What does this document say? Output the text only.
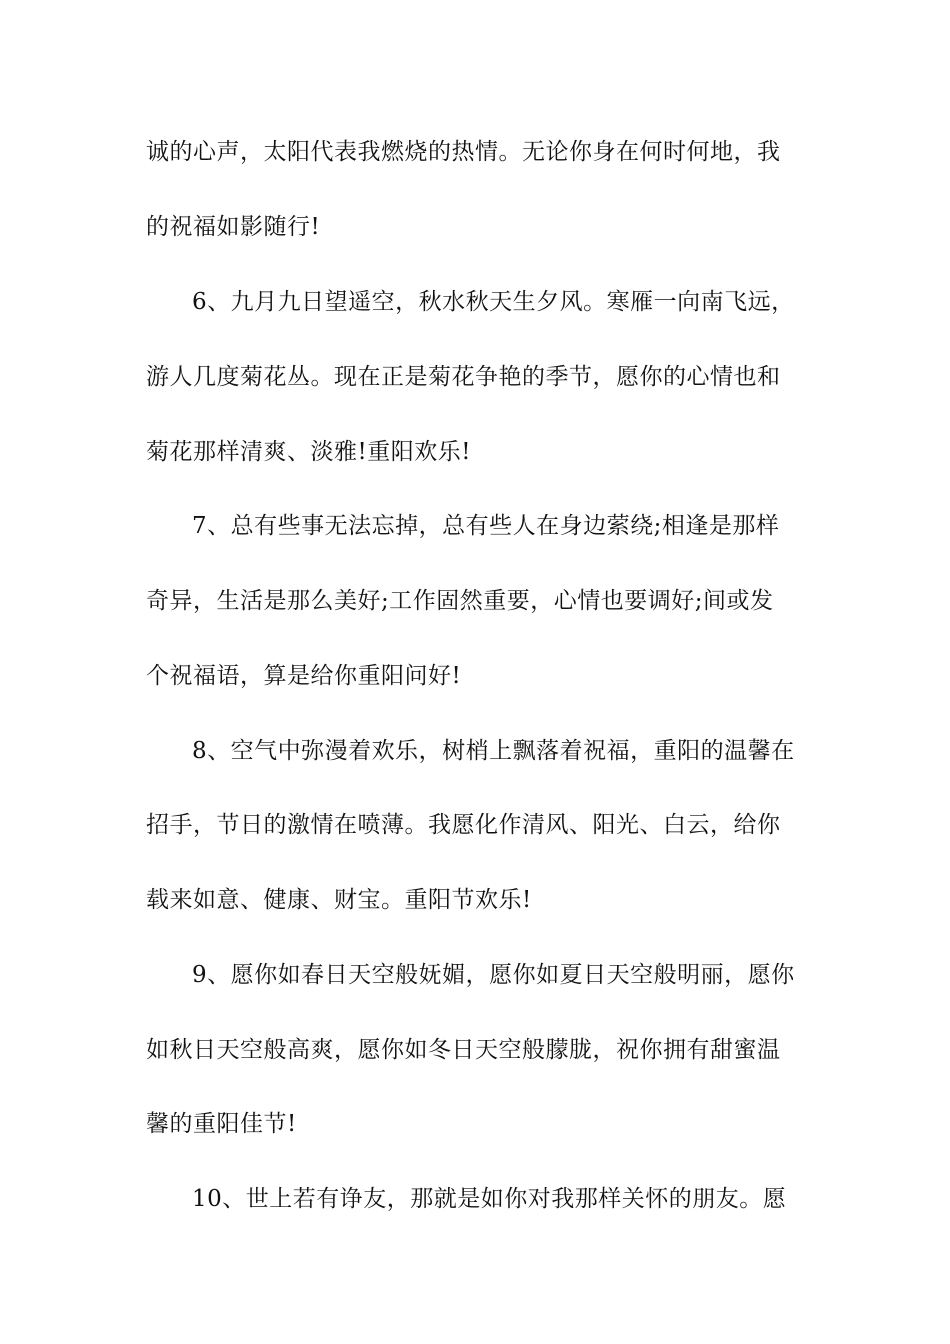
诚的心声，太阳代表我燃烧的热情。无论你身在何时何地，我
的祝福如影随行!
6、九月九日望遥空，秋水秋天生夕风。寒雁一向南飞远，
游人几度菊花丛。现在正是菊花争艳的季节，愿你的心情也和
菊花那样清爽、淡雅!重阳欢乐!
7、总有些事无法忘掉，总有些人在身边萦绕;相逢是那样
奇异，生活是那么美好;工作固然重要，心情也要调好;间或发
个祝福语，算是给你重阳问好!
8、空气中弥漫着欢乐，树梢上飘落着祝福，重阳的温馨在
招手，节日的激情在喷薄。我愿化作清风、阳光、白云，给你
载来如意、健康、财宝。重阳节欢乐!
9、愿你如春日天空般妩媚，愿你如夏日天空般明丽，愿你
如秋日天空般高爽，愿你如冬日天空般朦胧，祝你拥有甜蜜温
馨的重阳佳节!
10、世上若有诤友，那就是如你对我那样关怀的朋友。愿
